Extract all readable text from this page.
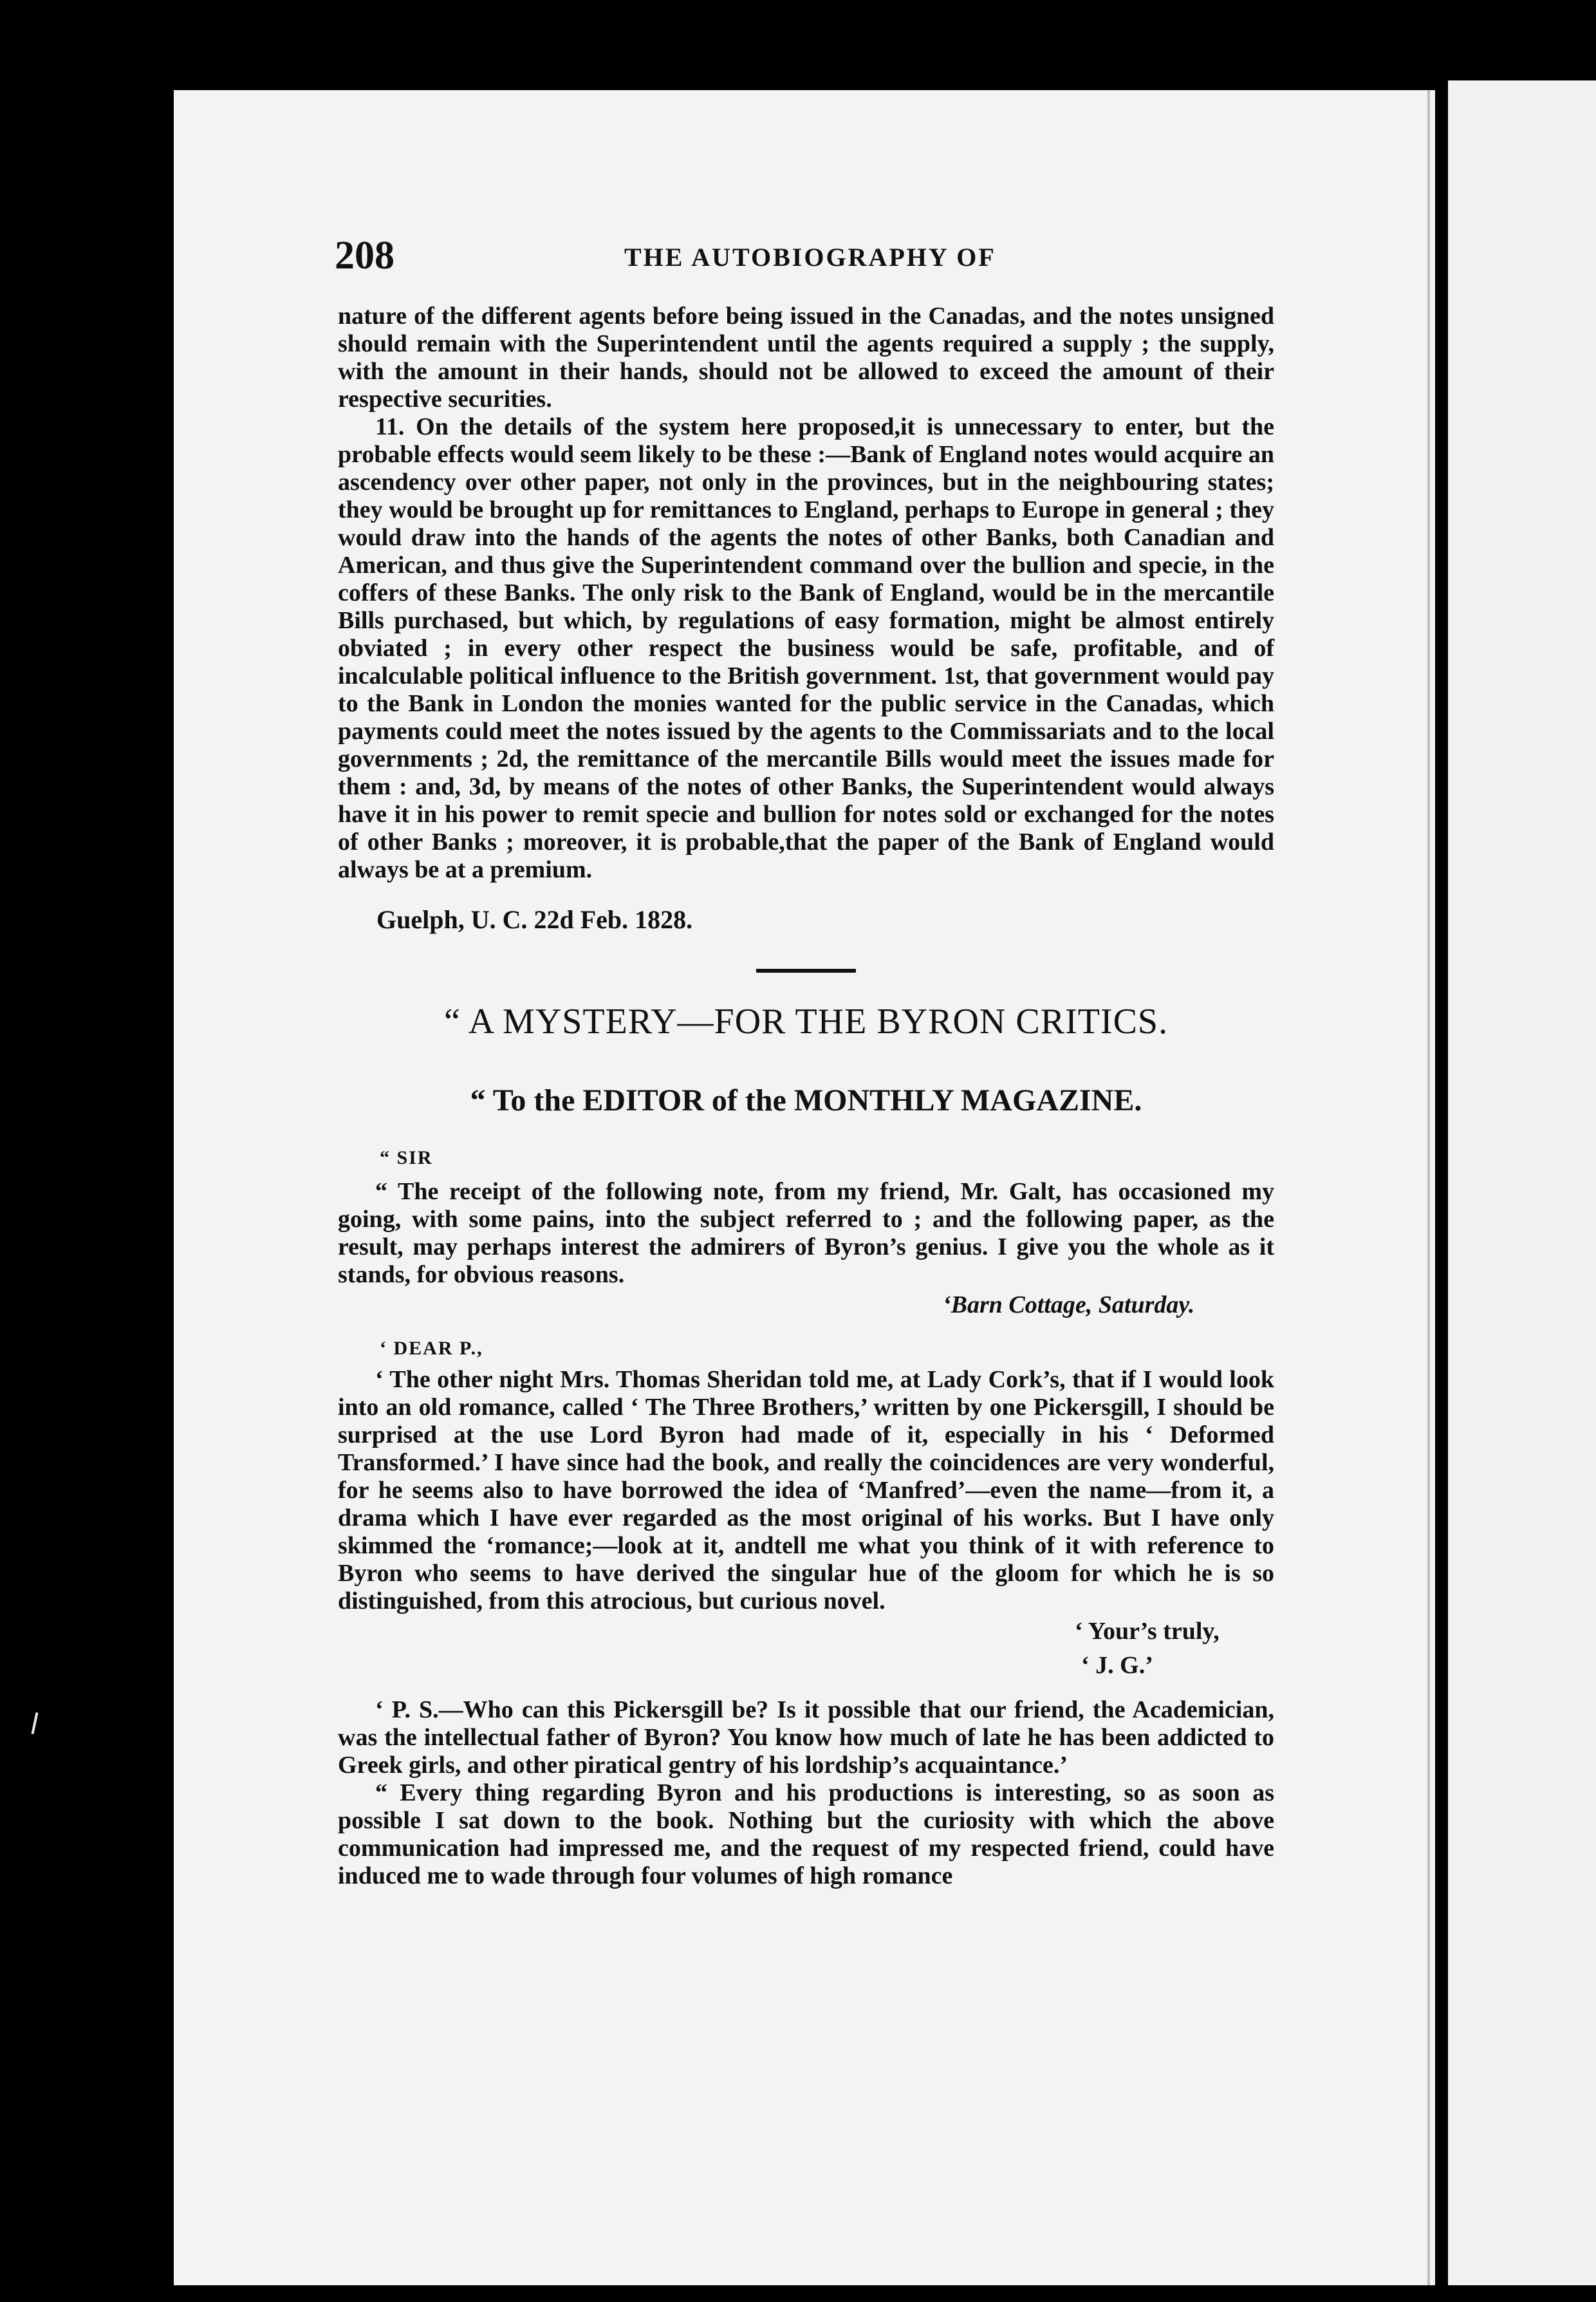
208	THE AUTOBIOGRAPHY OF

nature of the different agents before being issued in the Canadas, and the notes unsigned should remain with the Superintendent until the agents required a supply ; the supply, with the amount in their hands, should not be allowed to exceed the amount of their respective securities.

11. On the details of the system here proposed,it is unnecessary to enter, but the probable effects would seem likely to be these :—Bank of England notes would acquire an ascendency over other paper, not only in the provinces, but in the neighbouring states; they would be brought up for remittances to England, perhaps to Europe in general ; they would draw into the hands of the agents the notes of other Banks, both Canadian and American, and thus give the Superintendent command over the bullion and specie, in the coffers of these Banks. The only risk to the Bank of England, would be in the mercantile Bills purchased, but which, by regulations of easy formation, might be almost entirely obviated ; in every other respect the business would be safe, profitable, and of incalculable political influence to the British government. 1st, that government would pay to the Bank in London the monies wanted for the public service in the Canadas, which payments could meet the notes issued by the agents to the Commissariats and to the local governments ; 2d, the remittance of the mercantile Bills would meet the issues made for them : and, 3d, by means of the notes of other Banks, the Superintendent would always have it in his power to remit specie and bullion for notes sold or exchanged for the notes of other Banks ; moreover, it is probable,that the paper of the Bank of England would always be at a premium.

Guelph, U. C. 22d Feb. 1828.
“ A MYSTERY—FOR THE BYRON CRITICS.
“ To the EDITOR of the MONTHLY MAGAZINE.
“ SIR

“ The receipt of the following note, from my friend, Mr. Galt, has occasioned my going, with some pains, into the subject referred to ; and the following paper, as the result, may perhaps interest the admirers of Byron’s genius. I give you the whole as it stands, for obvious reasons.

‘Barn Cottage, Saturday.
‘ DEAR P.,

‘ The other night Mrs. Thomas Sheridan told me, at Lady Cork’s, that if I would look into an old romance, called ‘ The Three Brothers,’ written by one Pickersgill, I should be surprised at the use Lord Byron had made of it, especially in his ‘ Deformed Transformed.’ I have since had the book, and really the coincidences are very wonderful, for he seems also to have borrowed the idea of ‘Manfred’—even the name—from it, a drama which I have ever regarded as the most original of his works. But I have only skimmed the ‘romance;—look at it, andtell me what you think of it with reference to Byron who seems to have derived the singular hue of the gloom for which he is so distinguished, from this atrocious, but curious novel.

‘ Your’s truly,
‘ J. G.’

‘ P. S.—Who can this Pickersgill be? Is it possible that our friend, the Academician, was the intellectual father of Byron? You know how much of late he has been addicted to Greek girls, and other piratical gentry of his lordship’s acquaintance.’

“ Every thing regarding Byron and his productions is interesting, so as soon as possible I sat down to the book. Nothing but the curiosity with which the above communication had impressed me, and the request of my respected friend, could have induced me to wade through four volumes of high romance
